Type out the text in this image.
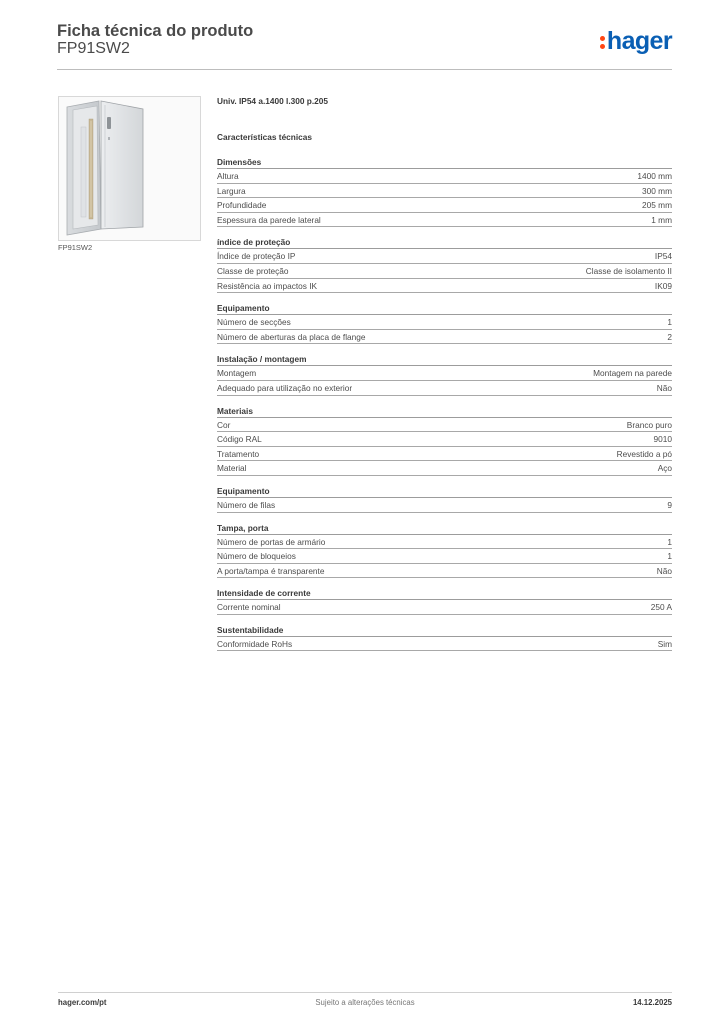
Ficha técnica do produto
FP91SW2	hager
FP91SW2
Univ. IP54 a.1400 l.300 p.205
Características técnicas
Dimensões
Altura	1400 mm
Largura	300 mm
Profundidade	205 mm
Espessura da parede lateral	1 mm
índice de proteção
Índice de proteção IP	IP54
Classe de proteção	Classe de isolamento II
Resistência ao impactos IK	IK09
Equipamento
Número de secções	1
Número de aberturas da placa de flange	2
Instalação / montagem
Montagem	Montagem na parede
Adequado para utilização no exterior	Não
Materiais
Cor	Branco puro
Código RAL	9010
Tratamento	Revestido a pó
Material	Aço
Equipamento
Número de filas	9
Tampa, porta
Número de portas de armário	1
Número de bloqueios	1
A porta/tampa é transparente	Não
Intensidade de corrente
Corrente nominal	250 A
Sustentabilidade
Conformidade RoHs	Sim
hager.com/pt	Sujeito a alterações técnicas	14.12.2025
